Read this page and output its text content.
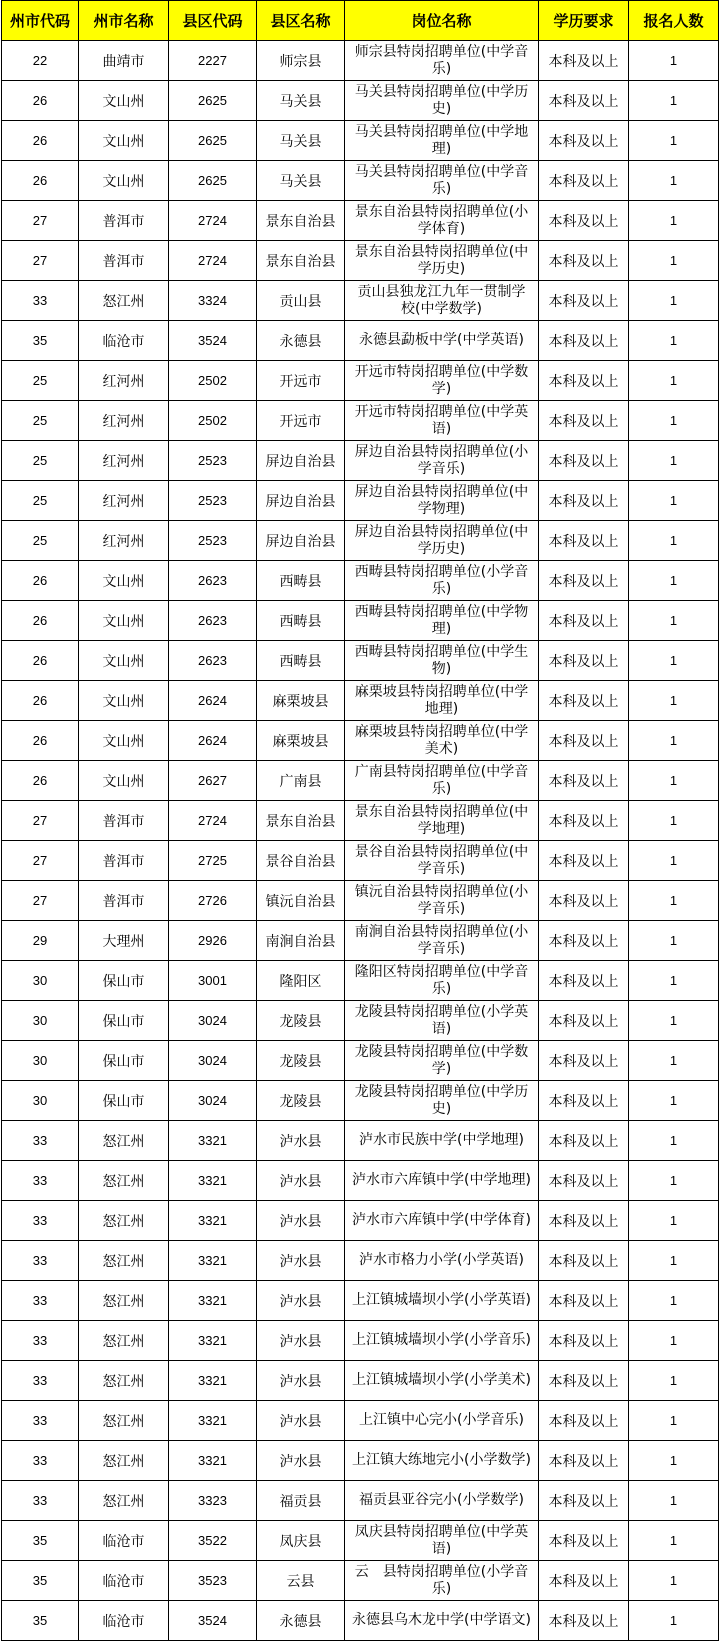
州市代码	州市名称	县区代码	县区名称	岗位名称	学历要求	报名人数
22	曲靖市	2227	师宗县	师宗县特岗招聘单位(中学音乐)	本科及以上	1
26	文山州	2625	马关县	马关县特岗招聘单位(中学历史)	本科及以上	1
26	文山州	2625	马关县	马关县特岗招聘单位(中学地理)	本科及以上	1
26	文山州	2625	马关县	马关县特岗招聘单位(中学音乐)	本科及以上	1
27	普洱市	2724	景东自治县	景东自治县特岗招聘单位(小学体育)	本科及以上	1
27	普洱市	2724	景东自治县	景东自治县特岗招聘单位(中学历史)	本科及以上	1
33	怒江州	3324	贡山县	贡山县独龙江九年一贯制学校(中学数学)	本科及以上	1
35	临沧市	3524	永德县	永德县勐板中学(中学英语)	本科及以上	1
25	红河州	2502	开远市	开远市特岗招聘单位(中学数学)	本科及以上	1
25	红河州	2502	开远市	开远市特岗招聘单位(中学英语)	本科及以上	1
25	红河州	2523	屏边自治县	屏边自治县特岗招聘单位(小学音乐)	本科及以上	1
25	红河州	2523	屏边自治县	屏边自治县特岗招聘单位(中学物理)	本科及以上	1
25	红河州	2523	屏边自治县	屏边自治县特岗招聘单位(中学历史)	本科及以上	1
26	文山州	2623	西畴县	西畴县特岗招聘单位(小学音乐)	本科及以上	1
26	文山州	2623	西畴县	西畴县特岗招聘单位(中学物理)	本科及以上	1
26	文山州	2623	西畴县	西畴县特岗招聘单位(中学生物)	本科及以上	1
26	文山州	2624	麻栗坡县	麻栗坡县特岗招聘单位(中学地理)	本科及以上	1
26	文山州	2624	麻栗坡县	麻栗坡县特岗招聘单位(中学美术)	本科及以上	1
26	文山州	2627	广南县	广南县特岗招聘单位(中学音乐)	本科及以上	1
27	普洱市	2724	景东自治县	景东自治县特岗招聘单位(中学地理)	本科及以上	1
27	普洱市	2725	景谷自治县	景谷自治县特岗招聘单位(中学音乐)	本科及以上	1
27	普洱市	2726	镇沅自治县	镇沅自治县特岗招聘单位(小学音乐)	本科及以上	1
29	大理州	2926	南涧自治县	南涧自治县特岗招聘单位(小学音乐)	本科及以上	1
30	保山市	3001	隆阳区	隆阳区特岗招聘单位(中学音乐)	本科及以上	1
30	保山市	3024	龙陵县	龙陵县特岗招聘单位(小学英语)	本科及以上	1
30	保山市	3024	龙陵县	龙陵县特岗招聘单位(中学数学)	本科及以上	1
30	保山市	3024	龙陵县	龙陵县特岗招聘单位(中学历史)	本科及以上	1
33	怒江州	3321	泸水县	泸水市民族中学(中学地理)	本科及以上	1
33	怒江州	3321	泸水县	泸水市六库镇中学(中学地理)	本科及以上	1
33	怒江州	3321	泸水县	泸水市六库镇中学(中学体育)	本科及以上	1
33	怒江州	3321	泸水县	泸水市格力小学(小学英语)	本科及以上	1
33	怒江州	3321	泸水县	上江镇城墙坝小学(小学英语)	本科及以上	1
33	怒江州	3321	泸水县	上江镇城墙坝小学(小学音乐)	本科及以上	1
33	怒江州	3321	泸水县	上江镇城墙坝小学(小学美术)	本科及以上	1
33	怒江州	3321	泸水县	上江镇中心完小(小学音乐)	本科及以上	1
33	怒江州	3321	泸水县	上江镇大练地完小(小学数学)	本科及以上	1
33	怒江州	3323	福贡县	福贡县亚谷完小(小学数学)	本科及以上	1
35	临沧市	3522	凤庆县	凤庆县特岗招聘单位(中学英语)	本科及以上	1
35	临沧市	3523	云县	云　县特岗招聘单位(小学音乐)	本科及以上	1
35	临沧市	3524	永德县	永德县乌木龙中学(中学语文)	本科及以上	1
